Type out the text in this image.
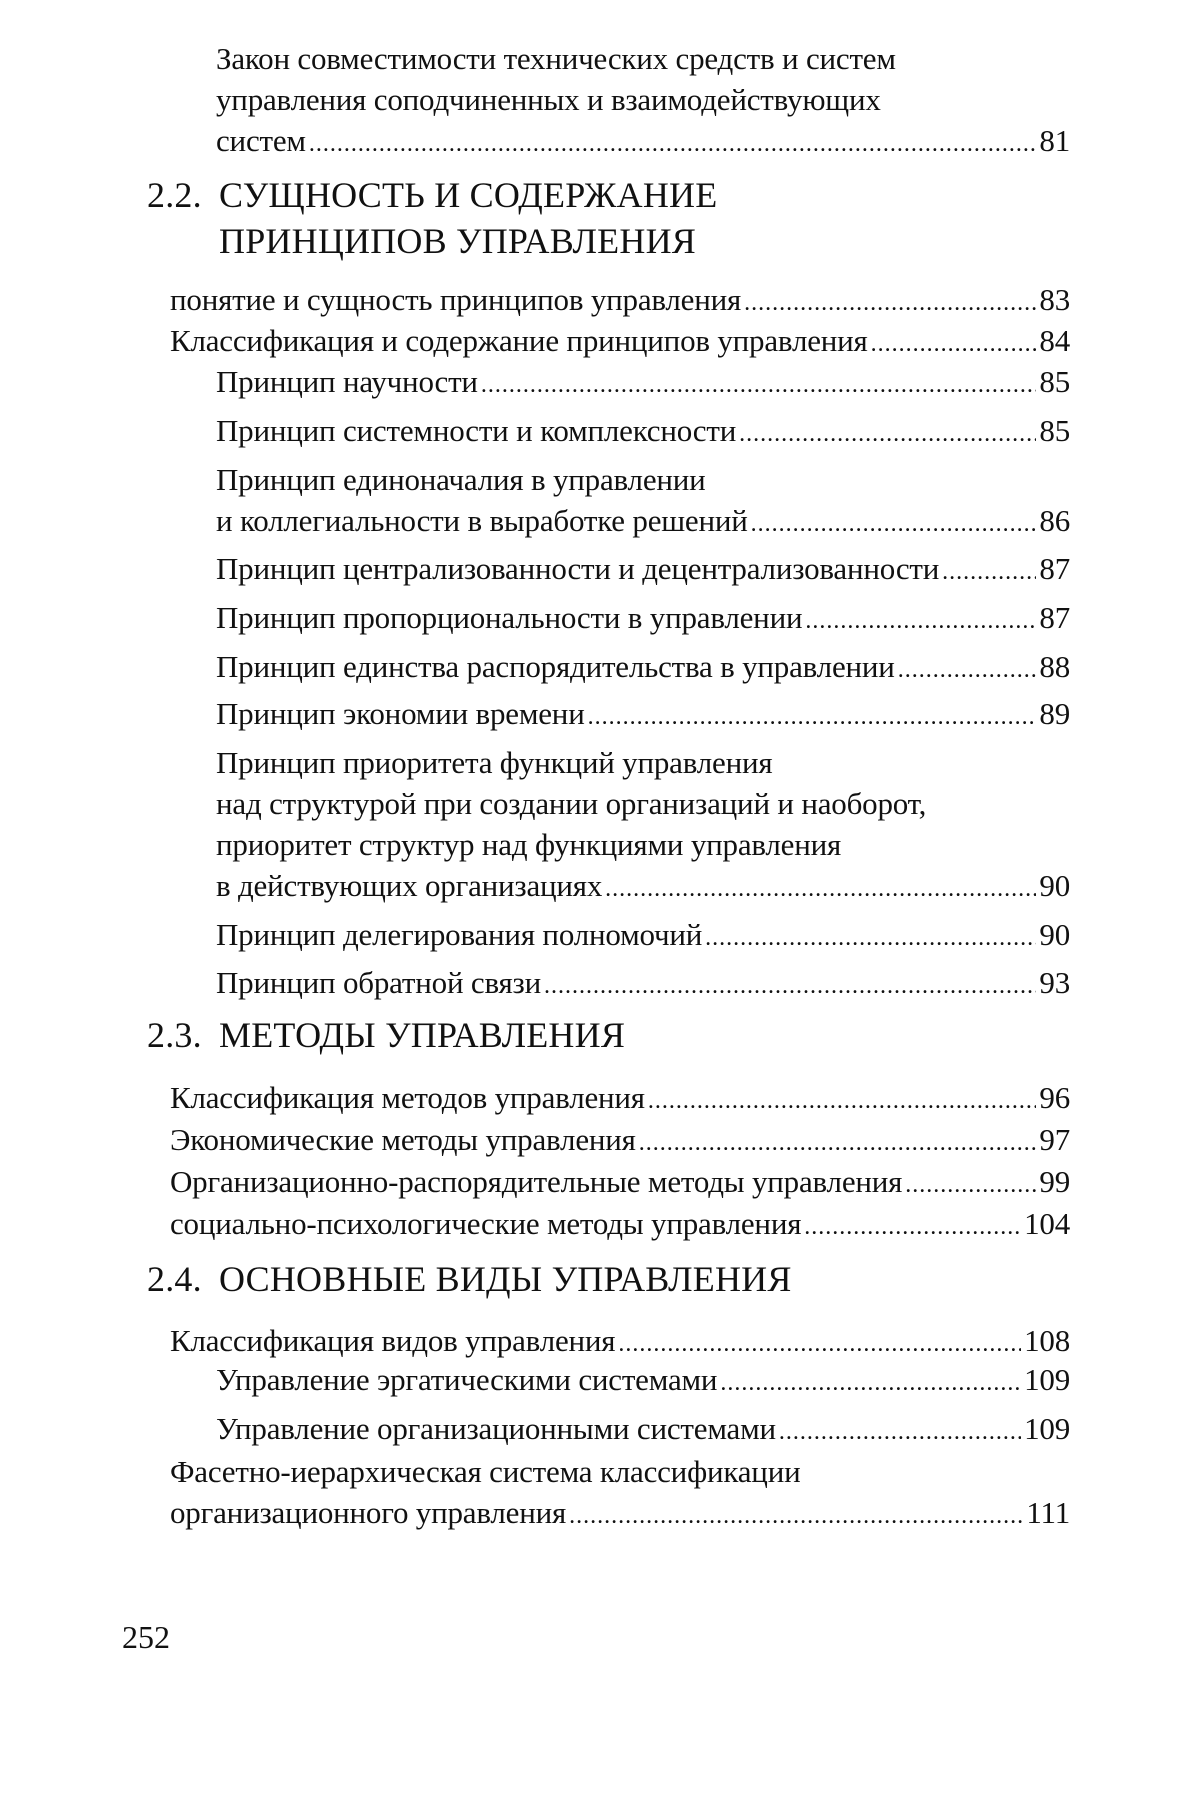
Закон совместимости технических средств и систем
управления соподчиненных и взаимодействующих
систем .....	81
2.2. СУЩНОСТЬ И СОДЕРЖАНИЕ
ПРИНЦИПОВ УПРАВЛЕНИЯ
понятие и сущность принципов управления .....	83
Классификация и содержание принципов управления .....	84
Принцип научности .....	85
Принцип системности и комплексности .....	85
Принцип единоначалия в управлении
и коллегиальности в выработке решений .....	86
Принцип централизованности и децентрализованности .....	87
Принцип пропорциональности в управлении .....	87
Принцип единства распорядительства в управлении .....	88
Принцип экономии времени .....	89
Принцип приоритета функций управления
над структурой при создании организаций и наоборот,
приоритет структур над функциями управления
в действующих организациях .....	90
Принцип делегирования полномочий .....	90
Принцип обратной связи .....	93
2.3. МЕТОДЫ УПРАВЛЕНИЯ
Классификация методов управления .....	96
Экономические методы управления .....	97
Организационно-распорядительные методы управления .....	99
социально-психологические методы управления .....	104
2.4. ОСНОВНЫЕ ВИДЫ УПРАВЛЕНИЯ
Классификация видов управления .....	108
Управление эргатическими системами .....	109
Управление организационными системами .....	109
Фасетно-иерархическая система классификации
организационного управления .....	111
252
